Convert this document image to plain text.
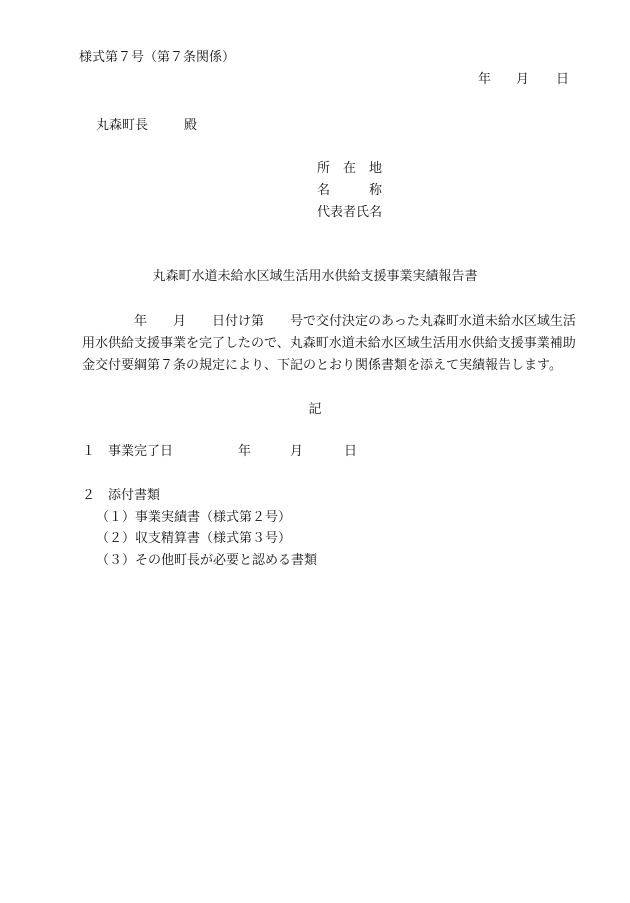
様式第７号（第７条関係）
年 月 日
丸森町長	殿
所　在　地
名　　　称
代表者氏名
丸森町水道未給水区域生活用水供給支援事業実績報告書
　　　　年　　月　　日付け第　　号で交付決定のあった丸森町水道未給水区域生活
用水供給支援事業を完了したので、丸森町水道未給水区域生活用水供給支援事業補助
金交付要綱第７条の規定により、下記のとおり関係書類を添えて実績報告します。
記
１　事業完了日	年	月	日
２　添付書類
（１）事業実績書（様式第２号）
（２）収支精算書（様式第３号）
（３）その他町長が必要と認める書類
